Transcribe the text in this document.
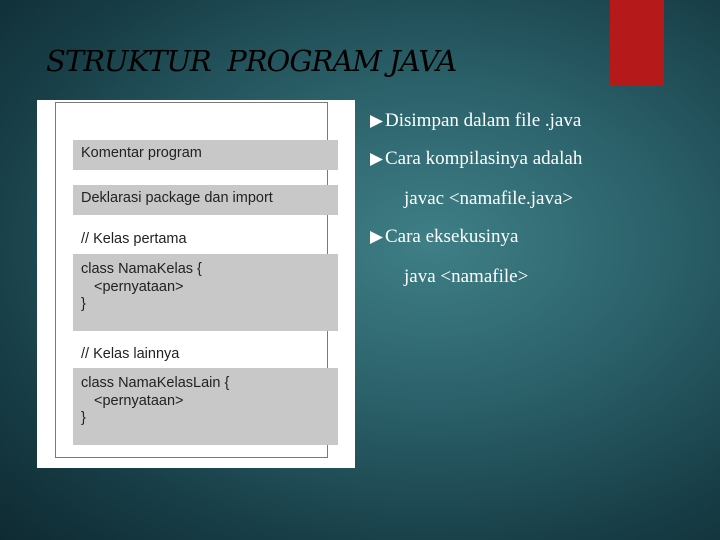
STRUKTUR  PROGRAM JAVA
Komentar program
Deklarasi package dan import
// Kelas pertama
class NamaKelas {
<pernyataan>
}
// Kelas lainnya
class NamaKelasLain {
<pernyataan>
}
Disimpan dalam file .java
Cara kompilasinya adalah
javac <namafile.java>
Cara eksekusinya
java <namafile>
